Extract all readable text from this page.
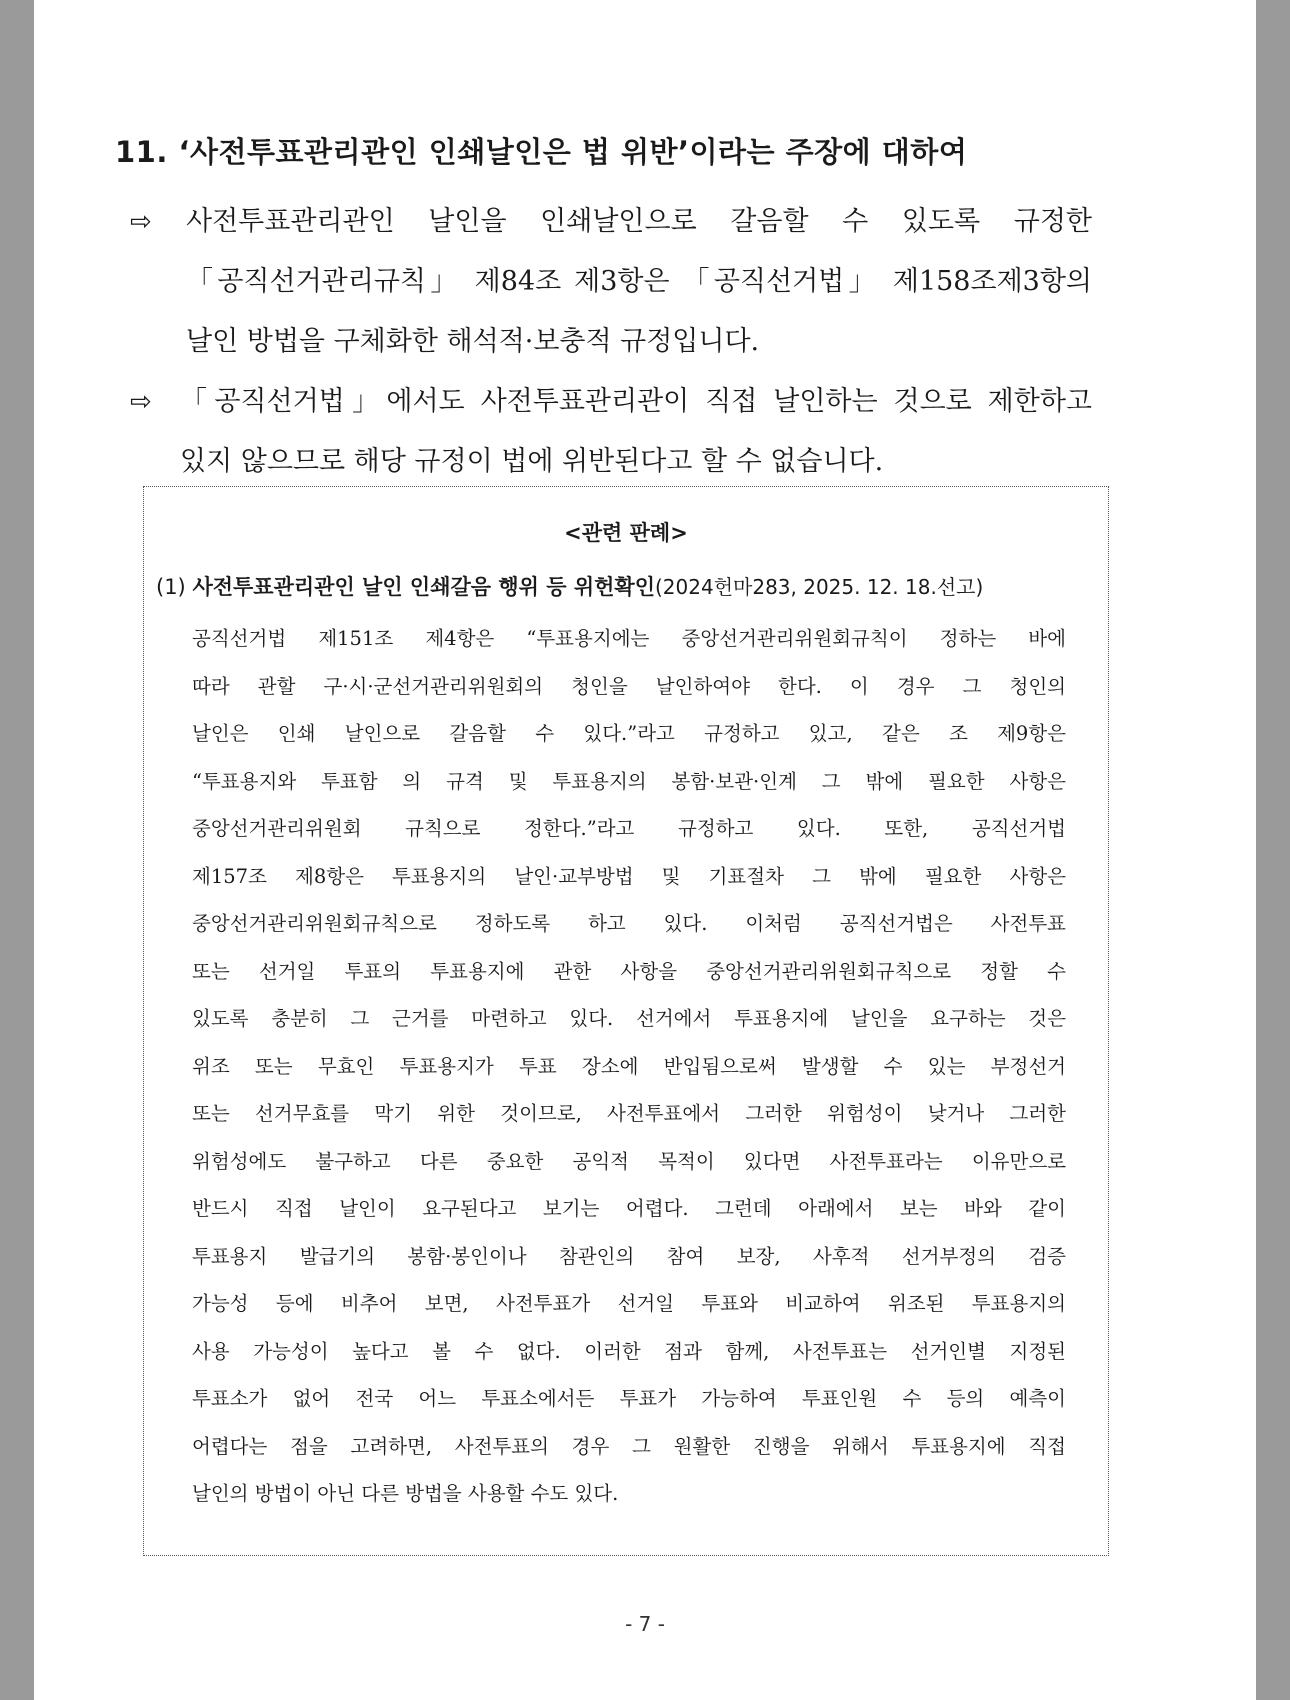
11. ‘사전투표관리관인 인쇄날인은 법 위반’이라는 주장에 대하여
⇨ 사전투표관리관인 날인을 인쇄날인으로 갈음할 수 있도록 규정한
「공직선거관리규칙」 제84조 제3항은 「공직선거법」 제158조제3항의
날인 방법을 구체화한 해석적·보충적 규정입니다.
⇨ 「공직선거법」에서도 사전투표관리관이 직접 날인하는 것으로 제한하고
있지 않으므로 해당 규정이 법에 위반된다고 할 수 없습니다.
<관련 판례>
(1) 사전투표관리관인 날인 인쇄갈음 행위 등 위헌확인(2024헌마283, 2025. 12. 18.선고)
공직선거법 제151조 제4항은 “투표용지에는 중앙선거관리위원회규칙이 정하는 바에
따라 관할 구·시·군선거관리위원회의 청인을 날인하여야 한다. 이 경우 그 청인의
날인은 인쇄 날인으로 갈음할 수 있다.”라고 규정하고 있고, 같은 조 제9항은
“투표용지와 투표함 의 규격 및 투표용지의 봉함·보관·인계 그 밖에 필요한 사항은
중앙선거관리위원회 규칙으로 정한다.”라고 규정하고 있다. 또한, 공직선거법
제157조 제8항은 투표용지의 날인·교부방법 및 기표절차 그 밖에 필요한 사항은
중앙선거관리위원회규칙으로 정하도록 하고 있다. 이처럼 공직선거법은 사전투표
또는 선거일 투표의 투표용지에 관한 사항을 중앙선거관리위원회규칙으로 정할 수
있도록 충분히 그 근거를 마련하고 있다. 선거에서 투표용지에 날인을 요구하는 것은
위조 또는 무효인 투표용지가 투표 장소에 반입됨으로써 발생할 수 있는 부정선거
또는 선거무효를 막기 위한 것이므로, 사전투표에서 그러한 위험성이 낮거나 그러한
위험성에도 불구하고 다른 중요한 공익적 목적이 있다면 사전투표라는 이유만으로
반드시 직접 날인이 요구된다고 보기는 어렵다. 그런데 아래에서 보는 바와 같이
투표용지 발급기의 봉함·봉인이나 참관인의 참여 보장, 사후적 선거부정의 검증
가능성 등에 비추어 보면, 사전투표가 선거일 투표와 비교하여 위조된 투표용지의
사용 가능성이 높다고 볼 수 없다. 이러한 점과 함께, 사전투표는 선거인별 지정된
투표소가 없어 전국 어느 투표소에서든 투표가 가능하여 투표인원 수 등의 예측이
어렵다는 점을 고려하면, 사전투표의 경우 그 원활한 진행을 위해서 투표용지에 직접
날인의 방법이 아닌 다른 방법을 사용할 수도 있다.
- 7 -
